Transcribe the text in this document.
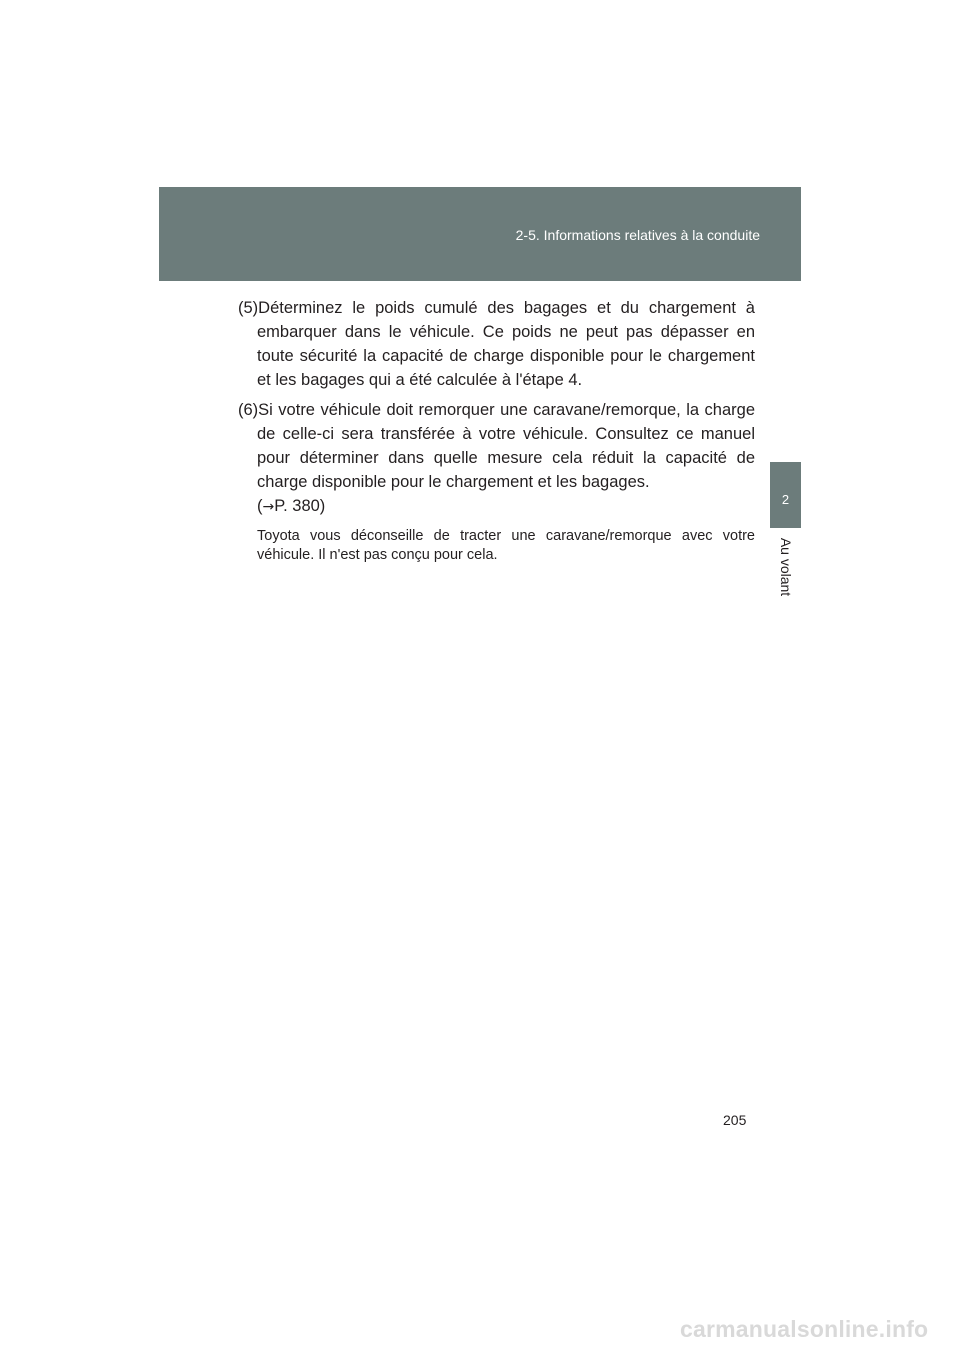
2-5. Informations relatives à la conduite
2
Au volant

(5)Déterminez le poids cumulé des bagages et du chargement à embarquer dans le véhicule. Ce poids ne peut pas dépasser en toute sécurité la capacité de charge disponible pour le chargement et les bagages qui a été calculée à l'étape 4.

(6)Si votre véhicule doit remorquer une caravane/remorque, la charge de celle-ci sera transférée à votre véhicule. Consultez ce manuel pour déterminer dans quelle mesure cela réduit la capacité de charge disponible pour le chargement et les bagages.

(→P. 380)

Toyota vous déconseille de tracter une caravane/remorque avec votre véhicule. Il n'est pas conçu pour cela.

205
carmanualsonline.info
